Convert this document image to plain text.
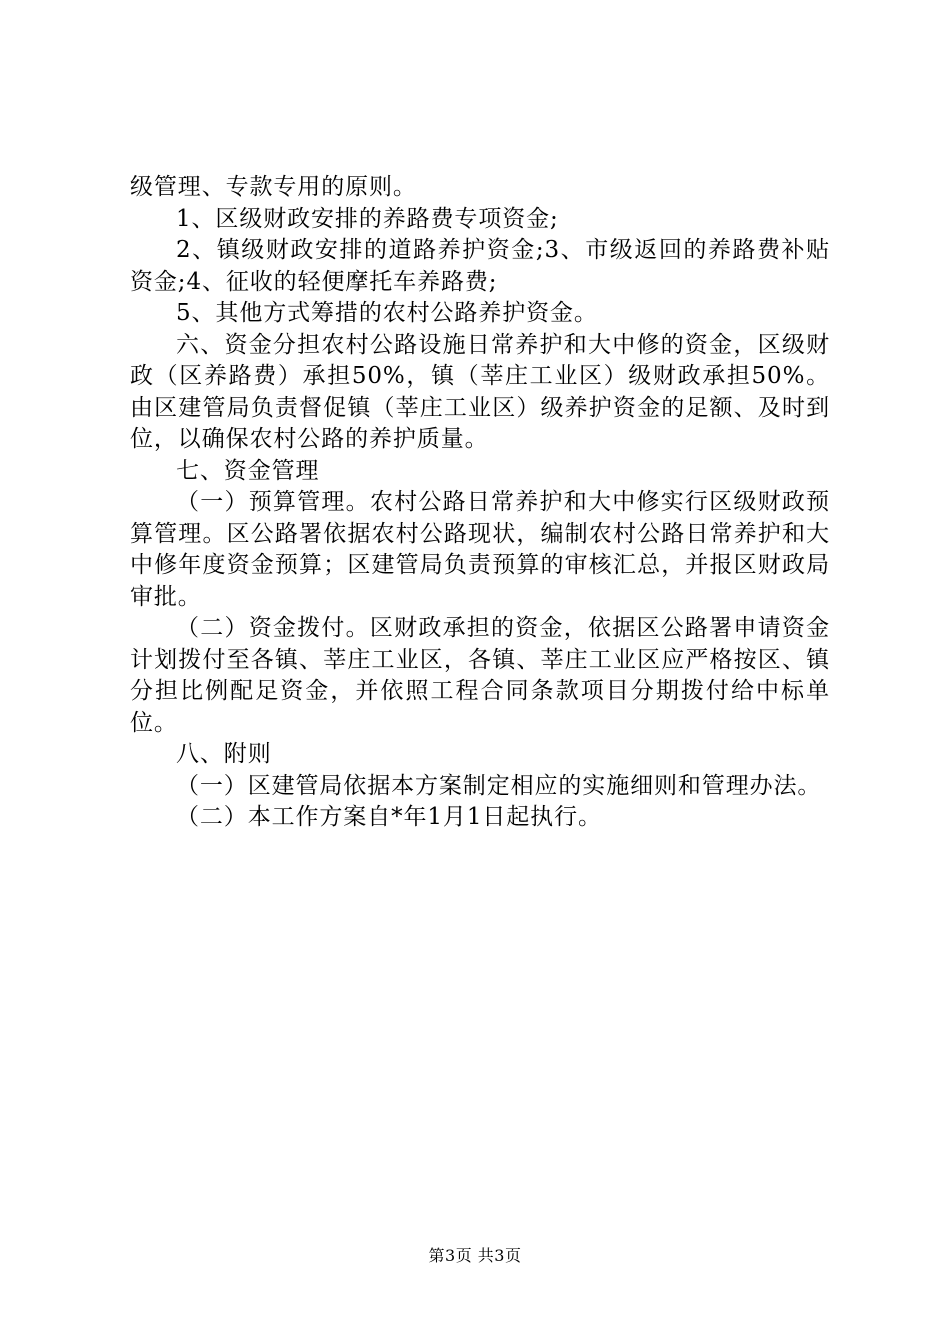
级管理、专款专用的原则。

1、区级财政安排的养路费专项资金;

2、镇级财政安排的道路养护资金;3、市级返回的养路费补贴资金;4、征收的轻便摩托车养路费;

5、其他方式筹措的农村公路养护资金。

六、资金分担农村公路设施日常养护和大中修的资金，区级财政（区养路费）承担50%，镇（莘庄工业区）级财政承担50%。由区建管局负责督促镇（莘庄工业区）级养护资金的足额、及时到位，以确保农村公路的养护质量。

七、资金管理

（一）预算管理。农村公路日常养护和大中修实行区级财政预算管理。区公路署依据农村公路现状，编制农村公路日常养护和大中修年度资金预算；区建管局负责预算的审核汇总，并报区财政局审批。

（二）资金拨付。区财政承担的资金，依据区公路署申请资金计划拨付至各镇、莘庄工业区，各镇、莘庄工业区应严格按区、镇分担比例配足资金，并依照工程合同条款项目分期拨付给中标单位。

八、附则

（一）区建管局依据本方案制定相应的实施细则和管理办法。

（二）本工作方案自*年1月1日起执行。

第3页 共3页
